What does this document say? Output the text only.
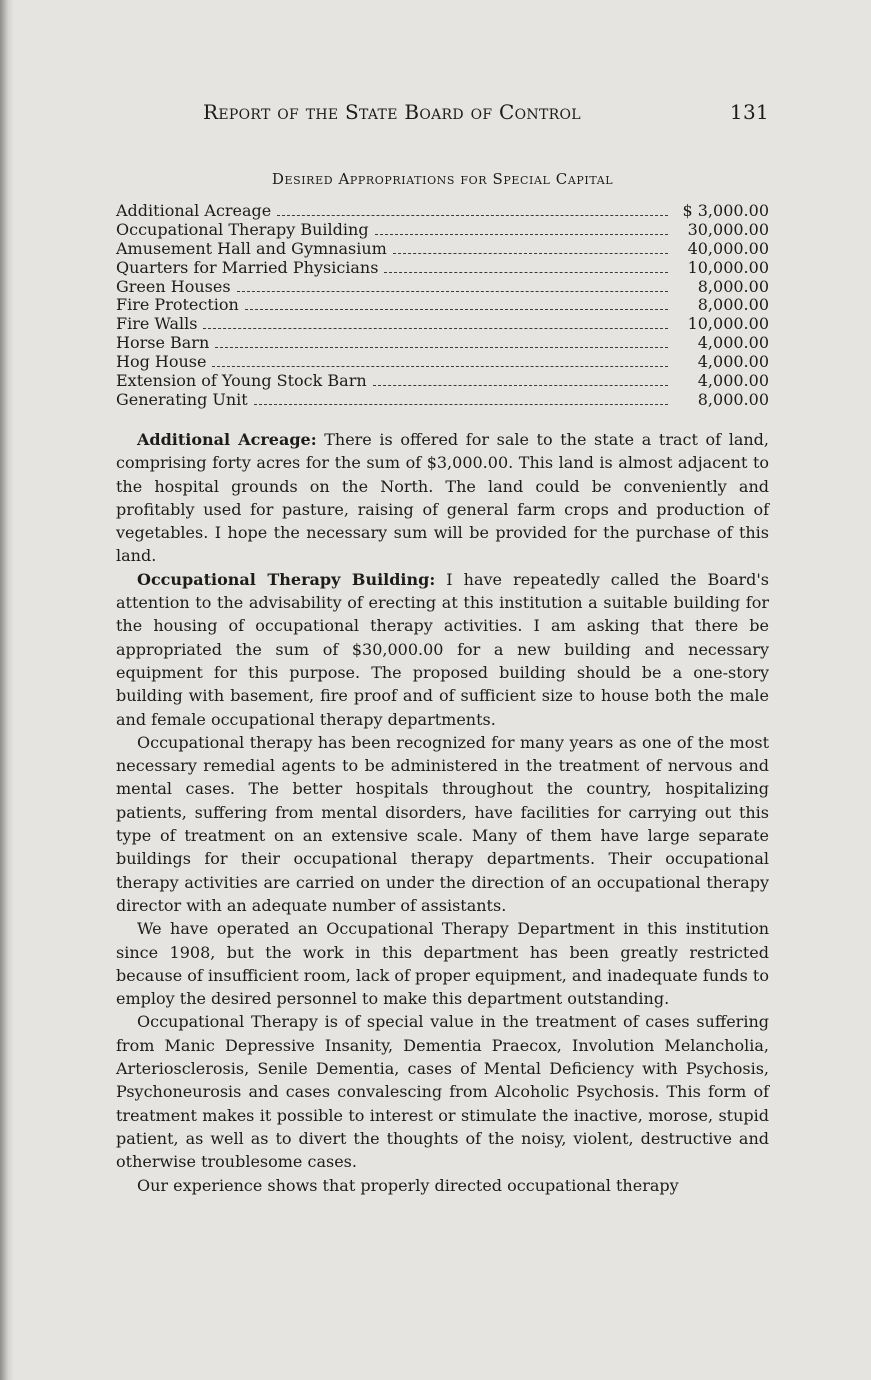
Report of the State Board of Control	131
Desired Appropriations for Special Capital
Additional Acreage	$ 3,000.00
Occupational Therapy Building	30,000.00
Amusement Hall and Gymnasium	40,000.00
Quarters for Married Physicians	10,000.00
Green Houses	8,000.00
Fire Protection	8,000.00
Fire Walls	10,000.00
Horse Barn	4,000.00
Hog House	4,000.00
Extension of Young Stock Barn	4,000.00
Generating Unit	8,000.00

Additional Acreage: There is offered for sale to the state a tract of land, comprising forty acres for the sum of $3,000.00. This land is almost adjacent to the hospital grounds on the North. The land could be conveniently and profitably used for pasture, raising of general farm crops and production of vegetables. I hope the necessary sum will be provided for the purchase of this land.

Occupational Therapy Building: I have repeatedly called the Board's attention to the advisability of erecting at this institution a suitable building for the housing of occupational therapy activities. I am asking that there be appropriated the sum of $30,000.00 for a new building and necessary equipment for this purpose. The proposed building should be a one-story building with basement, fire proof and of sufficient size to house both the male and female occupational therapy departments.

Occupational therapy has been recognized for many years as one of the most necessary remedial agents to be administered in the treatment of nervous and mental cases. The better hospitals throughout the country, hospitalizing patients, suffering from mental disorders, have facilities for carrying out this type of treatment on an extensive scale. Many of them have large separate buildings for their occupational therapy departments. Their occupational therapy activities are carried on under the direction of an occupational therapy director with an adequate number of assistants.

We have operated an Occupational Therapy Department in this institution since 1908, but the work in this department has been greatly restricted because of insufficient room, lack of proper equipment, and inadequate funds to employ the desired personnel to make this department outstanding.

Occupational Therapy is of special value in the treatment of cases suffering from Manic Depressive Insanity, Dementia Praecox, Involution Melancholia, Arteriosclerosis, Senile Dementia, cases of Mental Deficiency with Psychosis, Psychoneurosis and cases convalescing from Alcoholic Psychosis. This form of treatment makes it possible to interest or stimulate the inactive, morose, stupid patient, as well as to divert the thoughts of the noisy, violent, destructive and otherwise troublesome cases.

Our experience shows that properly directed occupational therapy
